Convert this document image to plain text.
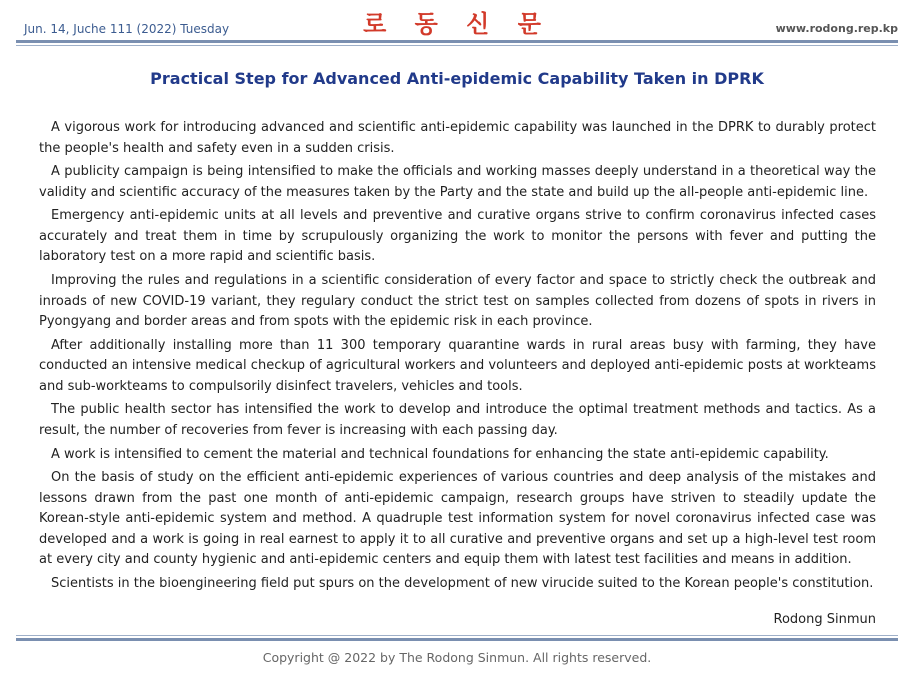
Jun. 14, Juche 111 (2022) Tuesday	로 동 신 문	www.rodong.rep.kp
Practical Step for Advanced Anti-epidemic Capability Taken in DPRK

A vigorous work for introducing advanced and scientific anti-epidemic capability was launched in the DPRK to durably protect the people's health and safety even in a sudden crisis.

A publicity campaign is being intensified to make the officials and working masses deeply understand in a theoretical way the validity and scientific accuracy of the measures taken by the Party and the state and build up the all-people anti-epidemic line.

Emergency anti-epidemic units at all levels and preventive and curative organs strive to confirm coronavirus infected cases accurately and treat them in time by scrupulously organizing the work to monitor the persons with fever and putting the laboratory test on a more rapid and scientific basis.

Improving the rules and regulations in a scientific consideration of every factor and space to strictly check the outbreak and inroads of new COVID-19 variant, they regulary conduct the strict test on samples collected from dozens of spots in rivers in Pyongyang and border areas and from spots with the epidemic risk in each province.

After additionally installing more than 11 300 temporary quarantine wards in rural areas busy with farming, they have conducted an intensive medical checkup of agricultural workers and volunteers and deployed anti-epidemic posts at workteams and sub-workteams to compulsorily disinfect travelers, vehicles and tools.

The public health sector has intensified the work to develop and introduce the optimal treatment methods and tactics. As a result, the number of recoveries from fever is increasing with each passing day.

A work is intensified to cement the material and technical foundations for enhancing the state anti-epidemic capability.

On the basis of study on the efficient anti-epidemic experiences of various countries and deep analysis of the mistakes and lessons drawn from the past one month of anti-epidemic campaign, research groups have striven to steadily update the Korean-style anti-epidemic system and method. A quadruple test information system for novel coronavirus infected case was developed and a work is going in real earnest to apply it to all curative and preventive organs and set up a high-level test room at every city and county hygienic and anti-epidemic centers and equip them with latest test facilities and means in addition.

Scientists in the bioengineering field put spurs on the development of new virucide suited to the Korean people's constitution.

Rodong Sinmun
Copyright @ 2022 by The Rodong Sinmun. All rights reserved.
